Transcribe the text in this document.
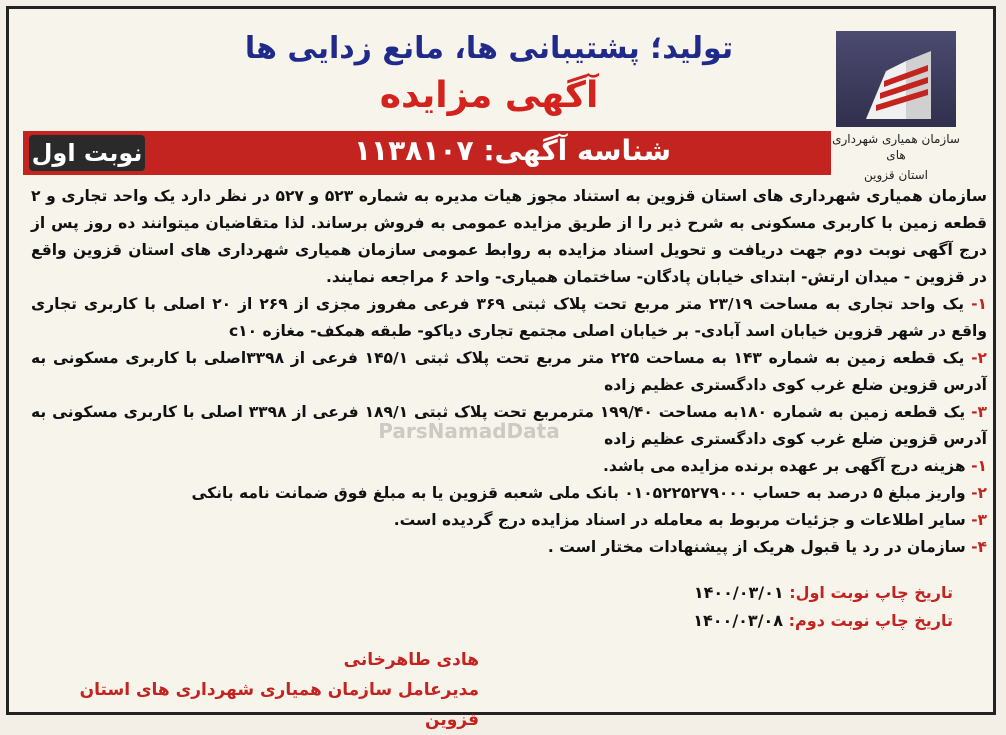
تولید؛ پشتیبانی ها، مانع زدایی ها
آگهی مزایده
سازمان همیاری شهرداری های
استان قزوین
شناسه آگهی: ۱۱۳۸۱۰۷
نوبت اول
ParsNamadData

سازمان همیاری شهرداری های استان قزوین به استناد مجوز هیات مدیره به شماره ۵۲۳ و ۵۲۷ در نظر دارد یک واحد تجاری و ۲ قطعه زمین با کاربری مسکونی به شرح ذیر را از طریق مزایده عمومی به فروش برساند. لذا متقاضیان میتوانند ده روز پس از درج آگهی نوبت دوم جهت دریافت و تحویل اسناد مزایده به روابط عمومی سازمان همیاری شهرداری های استان قزوین واقع در قزوین - میدان ارتش- ابتدای خیابان پادگان- ساختمان همیاری- واحد ۶ مراجعه نمایند.

۱- یک واحد تجاری به مساحت ۲۳/۱۹ متر مربع تحت پلاک ثبتی ۳۶۹ فرعی مفروز مجزی از ۲۶۹ از ۲۰ اصلی با کاربری تجاری واقع در شهر قزوین خیابان اسد آبادی- بر خیابان اصلی مجتمع تجاری دیاکو- طبقه همکف- مغازه c۱۰

۲- یک قطعه زمین به شماره ۱۴۳ به مساحت ۲۲۵ متر مربع تحت پلاک ثبتی ۱۴۵/۱ فرعی از ۳۳۹۸اصلی با کاربری مسکونی به آدرس قزوین ضلع غرب کوی دادگستری عظیم زاده

۳- یک قطعه زمین به شماره ۱۸۰به مساحت ۱۹۹/۴۰ مترمربع تحت پلاک ثبتی ۱۸۹/۱ فرعی از ۳۳۹۸ اصلی با کاربری مسکونی به آدرس قزوین ضلع غرب کوی دادگستری عظیم زاده

۱- هزینه درج آگهی بر عهده برنده مزایده می باشد.

۲- واریز مبلغ ۵ درصد به حساب ۰۱۰۵۲۲۵۲۷۹۰۰۰ بانک ملی شعبه قزوین یا به مبلغ فوق ضمانت نامه بانکی

۳- سایر اطلاعات و جزئیات مربوط به معامله در اسناد مزایده درج گردیده است.

۴- سازمان در رد یا قبول هریک از پیشنهادات مختار است .

تاریخ چاپ نوبت اول: ۱۴۰۰/۰۳/۰۱
تاریخ چاپ نوبت دوم: ۱۴۰۰/۰۳/۰۸
هادی طاهرخانی
مدیرعامل سازمان همیاری شهرداری های استان قزوین
